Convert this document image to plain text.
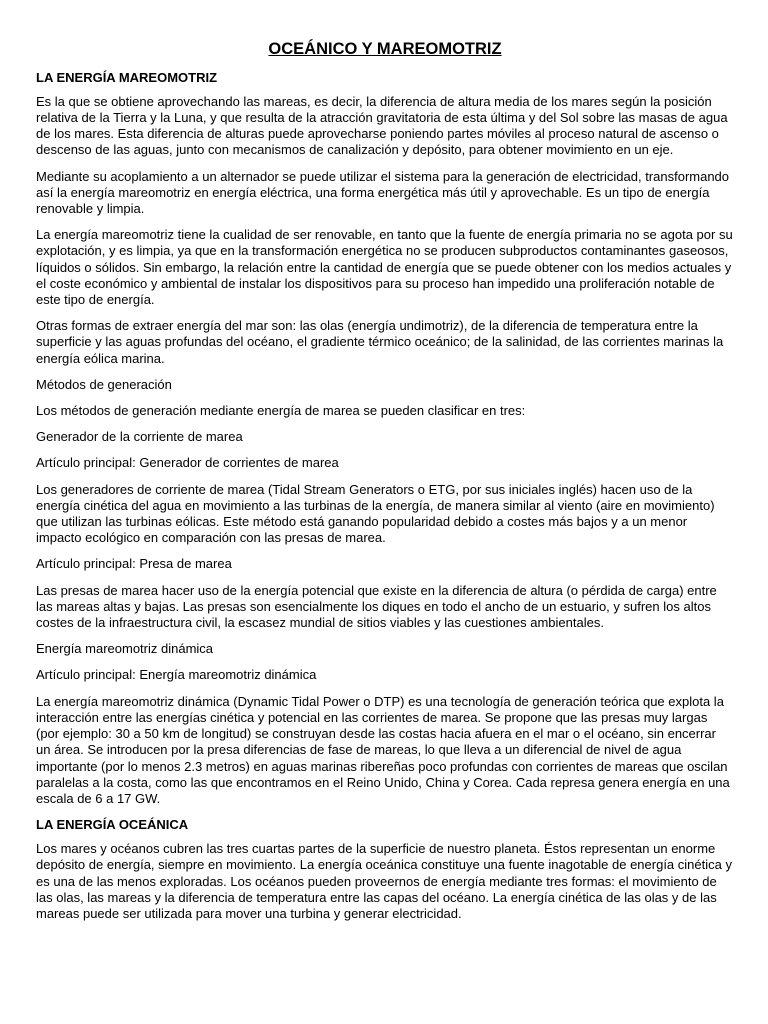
OCEÁNICO Y MAREOMOTRIZ
LA ENERGÍA MAREOMOTRIZ
Es la que se obtiene aprovechando las mareas, es decir, la diferencia de altura media de los mares según la posición relativa de la Tierra y la Luna, y que resulta de la atracción gravitatoria de esta última y del Sol sobre las masas de agua de los mares. Esta diferencia de alturas puede aprovecharse poniendo partes móviles al proceso natural de ascenso o descenso de las aguas, junto con mecanismos de canalización y depósito, para obtener movimiento en un eje.
Mediante su acoplamiento a un alternador se puede utilizar el sistema para la generación de electricidad, transformando así la energía mareomotriz en energía eléctrica, una forma energética más útil y aprovechable. Es un tipo de energía renovable y limpia.
La energía mareomotriz tiene la cualidad de ser renovable, en tanto que la fuente de energía primaria no se agota por su explotación, y es limpia, ya que en la transformación energética no se producen subproductos contaminantes gaseosos, líquidos o sólidos. Sin embargo, la relación entre la cantidad de energía que se puede obtener con los medios actuales y el coste económico y ambiental de instalar los dispositivos para su proceso han impedido una proliferación notable de este tipo de energía.
Otras formas de extraer energía del mar son: las olas (energía undimotriz), de la diferencia de temperatura entre la superficie y las aguas profundas del océano, el gradiente térmico oceánico; de la salinidad, de las corrientes marinas la energía eólica marina.
Métodos de generación
Los métodos de generación mediante energía de marea se pueden clasificar en tres:
Generador de la corriente de marea
Artículo principal: Generador de corrientes de marea
Los generadores de corriente de marea (Tidal Stream Generators o ETG, por sus iniciales inglés) hacen uso de la energía cinética del agua en movimiento a las turbinas de la energía, de manera similar al viento (aire en movimiento) que utilizan las turbinas eólicas. Este método está ganando popularidad debido a costes más bajos y a un menor impacto ecológico en comparación con las presas de marea.
Artículo principal: Presa de marea
Las presas de marea hacer uso de la energía potencial que existe en la diferencia de altura (o pérdida de carga) entre las mareas altas y bajas. Las presas son esencialmente los diques en todo el ancho de un estuario, y sufren los altos costes de la infraestructura civil, la escasez mundial de sitios viables y las cuestiones ambientales.
Energía mareomotriz dinámica
Artículo principal: Energía mareomotriz dinámica
La energía mareomotriz dinámica (Dynamic Tidal Power o DTP) es una tecnología de generación teórica que explota la interacción entre las energías cinética y potencial en las corrientes de marea. Se propone que las presas muy largas (por ejemplo: 30 a 50 km de longitud) se construyan desde las costas hacia afuera en el mar o el océano, sin encerrar un área. Se introducen por la presa diferencias de fase de mareas, lo que lleva a un diferencial de nivel de agua importante (por lo menos 2.3 metros) en aguas marinas ribereñas poco profundas con corrientes de mareas que oscilan paralelas a la costa, como las que encontramos en el Reino Unido, China y Corea. Cada represa genera energía en una escala de 6 a 17 GW.
LA ENERGÍA OCEÁNICA
Los mares y océanos cubren las tres cuartas partes de la superficie de nuestro planeta. Éstos representan un enorme depósito de energía, siempre en movimiento. La energía oceánica constituye una fuente inagotable de energía cinética y es una de las menos exploradas. Los océanos pueden proveernos de energía mediante tres formas: el movimiento de las olas, las mareas y la diferencia de temperatura entre las capas del océano. La energía cinética de las olas y de las mareas puede ser utilizada para mover una turbina y generar electricidad.
